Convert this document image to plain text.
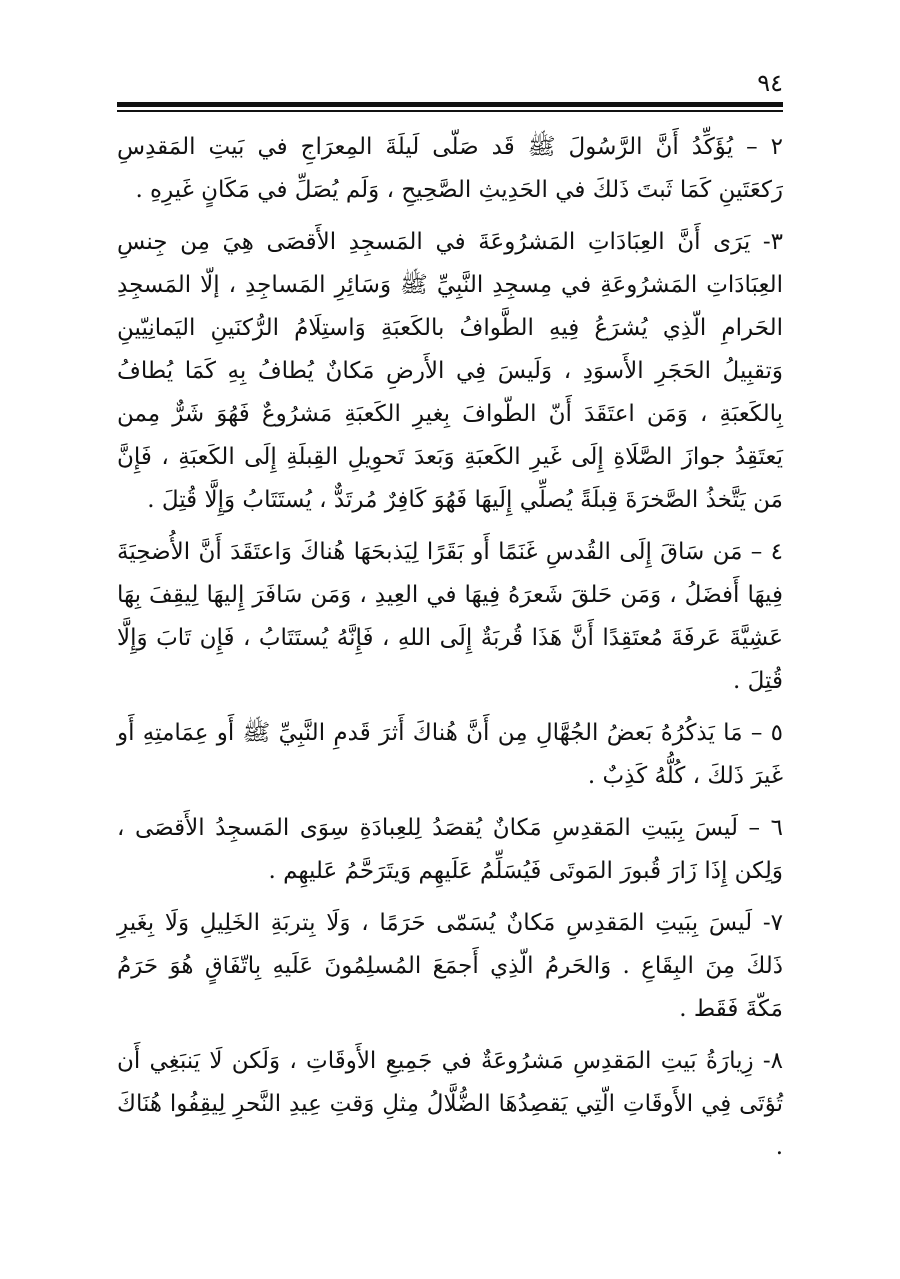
٩٤

٢ – يُؤَكِّدُ أَنَّ الرَّسُولَ ﷺ قَد صَلّى لَيلَةَ المِعرَاجِ في بَيتِ المَقدِسِ رَكعَتَينِ كَمَا ثَبتَ ذَلكَ في الحَدِيثِ الصَّحِيحِ ، وَلَم يُصَلِّ في مَكَانٍ غَيرِهِ .

٣- يَرَى أَنَّ العِبَادَاتِ المَشرُوعَةَ في المَسجِدِ الأَقصَى هِيَ مِن جِنسِ العِبَادَاتِ المَشرُوعَةِ في مِسجِدِ النَّبِيِّ ﷺ وَسَائِرِ المَساجِدِ ، إلّا المَسجِدِ الحَرامِ الّذِي يُشرَعُ فِيهِ الطَّوافُ بالكَعبَةِ وَاستِلَامُ الرُّكنَينِ اليَمانِيّينِ وَتقبِيلُ الحَجَرِ الأَسوَدِ ، وَلَيسَ فِي الأَرضِ مَكانٌ يُطافُ بِهِ كَمَا يُطافُ بِالكَعبَةِ ، وَمَن اعتَقَدَ أَنّ الطّوافَ بِغيرِ الكَعبَةِ مَشرُوعٌ فَهُوَ شَرٌّ مِمن يَعتَقِدُ جوازَ الصَّلَاةِ إِلَى غَيرِ الكَعبَةِ وَبَعدَ تَحوِيلِ القِبلَةِ إِلَى الكَعبَةِ ، فَإِنَّ مَن يَتَّخذُ الصَّخرَةَ قِبلَةً يُصلِّي إِلَيهَا فَهُوَ كَافِرٌ مُرتَدٌّ ، يُستَتَابُ وَإِلَّا قُتِلَ .

٤ – مَن سَاقَ إِلَى القُدسِ غَنَمًا أَو بَقَرًا لِيَذبحَهَا هُناكَ وَاعتَقَدَ أَنَّ الأُضحِيَةَ فِيهَا أَفضَلُ ، وَمَن حَلقَ شَعرَهُ فِيهَا في العِيدِ ، وَمَن سَافَرَ إِليهَا لِيقِفَ بِهَا عَشِيَّةَ عَرفَةَ مُعتَقِدًا أَنَّ هَذَا قُربَةٌ إِلَى اللهِ ، فَإِنَّهُ يُستَتَابُ ، فَإِن تَابَ وَإِلَّا قُتِلَ .

٥ – مَا يَذكُرُهُ بَعضُ الجُهَّالِ مِن أَنَّ هُناكَ أَثرَ قَدمِ النَّبِيِّ ﷺ أَو عِمَامتِهِ أَو غَيرَ ذَلكَ ، كُلُّهُ كَذِبٌ .

٦ – لَيسَ بِبَيتِ المَقدِسِ مَكانٌ يُقصَدُ لِلعِبادَةِ سِوَى المَسجِدُ الأَقصَى ، وَلِكن إِذَا زَارَ قُبورَ المَوتَى فَيُسَلِّمُ عَلَيهِم وَيتَرَحَّمُ عَليهِم .

٧- لَيسَ بِبَيتِ المَقدِسِ مَكانٌ يُسَمّى حَرَمًا ، وَلَا بِتربَةِ الخَلِيلِ وَلَا بِغَيرِ ذَلكَ مِنَ البِقَاعِ . وَالحَرمُ الّذِي أَجمَعَ المُسلِمُونَ عَلَيهِ بِاتّفَاقٍ هُوَ حَرَمُ مَكّةَ فَقَط .

٨- زِيارَةُ بَيتِ المَقدِسِ مَشرُوعَةٌ في جَمِيعِ الأَوقَاتِ ، وَلَكن لَا يَنبَغِي أَن تُؤتَى فِي الأَوقَاتِ الّتِي يَقصِدُهَا الضُّلَّالُ مِثلِ وَقتِ عِيدِ النَّحرِ لِيقِفُوا هُنَاكَ .
